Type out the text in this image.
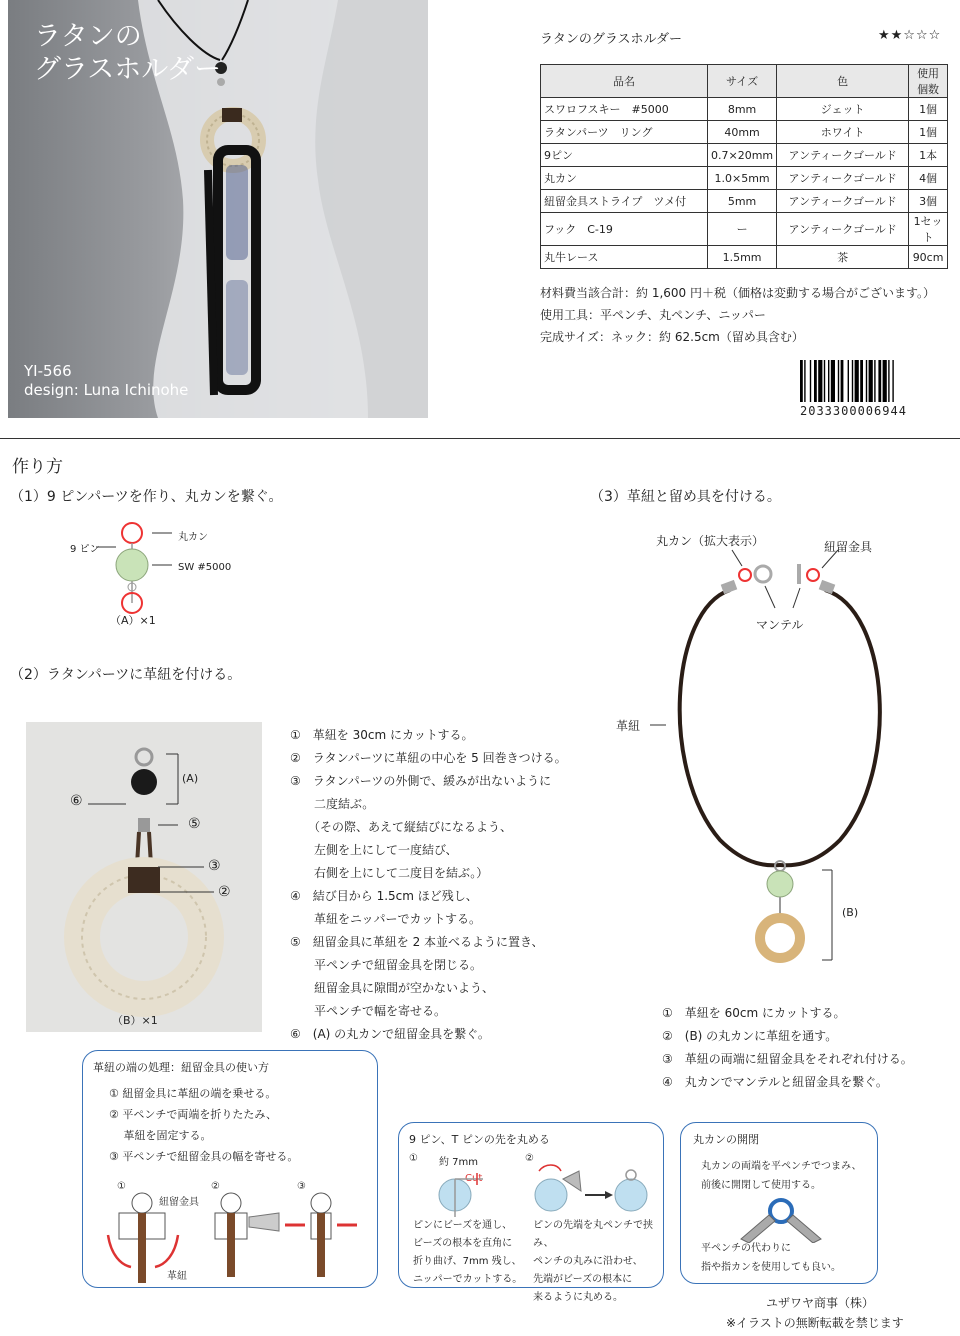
ラタンの
グラスホルダー
YI-566
design: Luna Ichinohe
ラタンのグラスホルダー	★★☆☆☆
品名	サイズ	色	使用個数
スワロフスキー　#5000	8mm	ジェット	1個
ラタンパーツ　リング	40mm	ホワイト	1個
9ピン	0.7×20mm	アンティークゴールド	1本
丸カン	1.0×5mm	アンティークゴールド	4個
紐留金具ストライプ　ツメ付	5mm	アンティークゴールド	3個
フック　C-19	ー	アンティークゴールド	1セット
丸牛レース	1.5mm	茶	90cm
材料費当該合計：約 1,600 円＋税（価格は変動する場合がございます。）
使用工具：平ペンチ、丸ペンチ、ニッパー
完成サイズ：ネック：約 62.5cm（留め具含む）
2033300006944
作り方
（1）9 ピンパーツを作り、丸カンを繋ぐ。
9 ピン
丸カン
SW #5000
（A）×1
（2）ラタンパーツに革紐を付ける。
(A)
⑥
⑤
③
②
（B）×1
①　革紐を 30cm にカットする。
②　ラタンパーツに革紐の中心を 5 回巻きつける。
③　ラタンパーツの外側で、緩みが出ないように
　　二度結ぶ。
　　（その際、あえて縦結びになるよう、
　　左側を上にして一度結び、
　　右側を上にして二度目を結ぶ。）
④　結び目から 1.5cm ほど残し、
　　革紐をニッパーでカットする。
⑤　紐留金具に革紐を 2 本並べるように置き、
　　平ペンチで紐留金具を閉じる。
　　紐留金具に隙間が空かないよう、
　　平ペンチで幅を寄せる。
⑥　(A) の丸カンで紐留金具を繋ぐ。
（3）革紐と留め具を付ける。
丸カン（拡大表示）	紐留金具
マンテル
革紐
(B)
①　革紐を 60cm にカットする。
②　(B) の丸カンに革紐を通す。
③　革紐の両端に紐留金具をそれぞれ付ける。
④　丸カンでマンテルと紐留金具を繋ぐ。
革紐の端の処理：紐留金具の使い方
① 紐留金具に革紐の端を乗せる。
② 平ペンチで両端を折りたたみ、
　 革紐を固定する。
③ 平ペンチで紐留金具の幅を寄せる。
①	②	③
紐留金具
革紐
9 ピン、T ピンの先を丸める
①	②
約 7mm
Cut
ピンにビーズを通し、
ビーズの根本を直角に
折り曲げ、7mm 残し、
ニッパーでカットする。
ピンの先端を丸ペンチで挟み、
ペンチの丸みに沿わせ、
先端がビーズの根本に
来るように丸める。
丸カンの開閉
丸カンの両端を平ペンチでつまみ、
前後に開閉して使用する。
平ペンチの代わりに
指や指カンを使用しても良い。
ユザワヤ商事（株）
※イラストの無断転載を禁じます
